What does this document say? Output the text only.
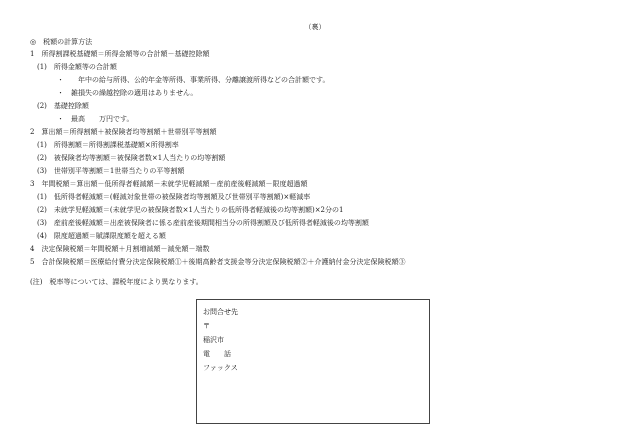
（裏）
◎　税額の計算方法
1　所得割課税基礎額＝所得金額等の合計額－基礎控除額
(1)　所得金額等の合計額
・　　年中の給与所得、公的年金等所得、事業所得、分離譲渡所得などの合計額です。
・　雑損失の繰越控除の適用はありません。
(2)　基礎控除額
・　最高　　万円です。
2　算出額＝所得割額＋被保険者均等割額＋世帯別平等割額
(1)　所得割額＝所得割課税基礎額×所得割率
(2)　被保険者均等割額＝被保険者数×1人当たりの均等割額
(3)　世帯別平等割額＝1世帯当たりの平等割額
3　年間税額＝算出額－低所得者軽減額－未就学児軽減額－産前産後軽減額－限度超過額
(1)　低所得者軽減額＝(軽減対象世帯の被保険者均等割額及び世帯別平等割額)×軽減率
(2)　未就学児軽減額＝(未就学児の被保険者数×1人当たりの低所得者軽減後の均等割額)×2分の1
(3)　産前産後軽減額＝出産被保険者に係る産前産後期間相当分の所得割額及び低所得者軽減後の均等割額
(4)　限度超過額＝賦課限度額を超える額
4　決定保険税額＝年間税額＋月割増減額－減免額－端数
5　合計保険税額＝医療給付費分決定保険税額①＋後期高齢者支援金等分決定保険税額②＋介護納付金分決定保険税額③
(注)　税率等については、課税年度により異なります。
お問合せ先
〒
稲沢市
電　　話
ファックス
